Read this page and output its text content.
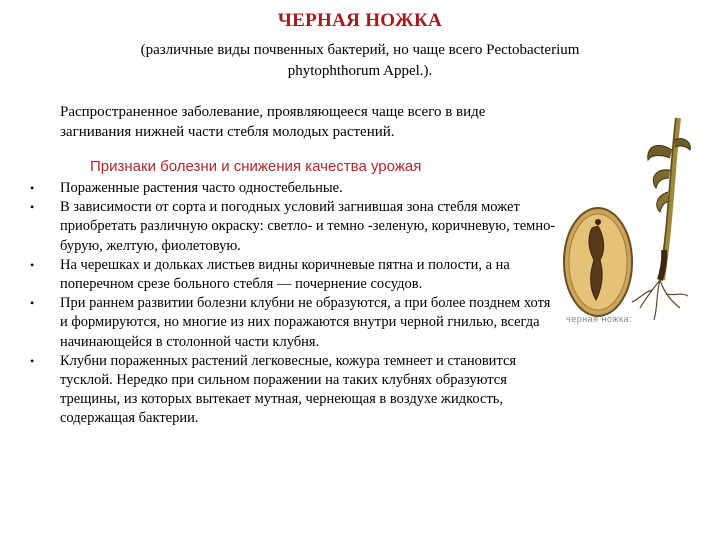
ЧЕРНАЯ НОЖКА
(различные виды почвенных бактерий, но чаще всего Pectobacterium
phytophthorum Appel.).
Распространенное заболевание, проявляющееся чаще всего в виде загнивания нижней части стебля молодых растений.
Признаки болезни и снижения качества урожая
• Пораженные растения часто одностебельные.
• В зависимости от сорта и погодных условий загнившая зона стебля может приобретать различную окраску: светло- и темно -зеленую, коричневую, темно-бурую, желтую, фиолетовую.
• На черешках и дольках листьев видны коричневые пятна и полости, а на поперечном срезе больного стебля — почернение сосудов.
• При раннем развитии болезни клубни не образуются, а при более позднем хотя и формируются, но многие из них поражаются внутри черной гнилью, всегда начинающейся в столонной части клубня.
• Клубни пораженных растений легковесные, кожура темнеет и становится тусклой. Нередко при сильном поражении на таких клубнях образуются трещины, из которых вытекает мутная, чернеющая в воздухе жидкость, содержащая бактерии.
черная ножка:
